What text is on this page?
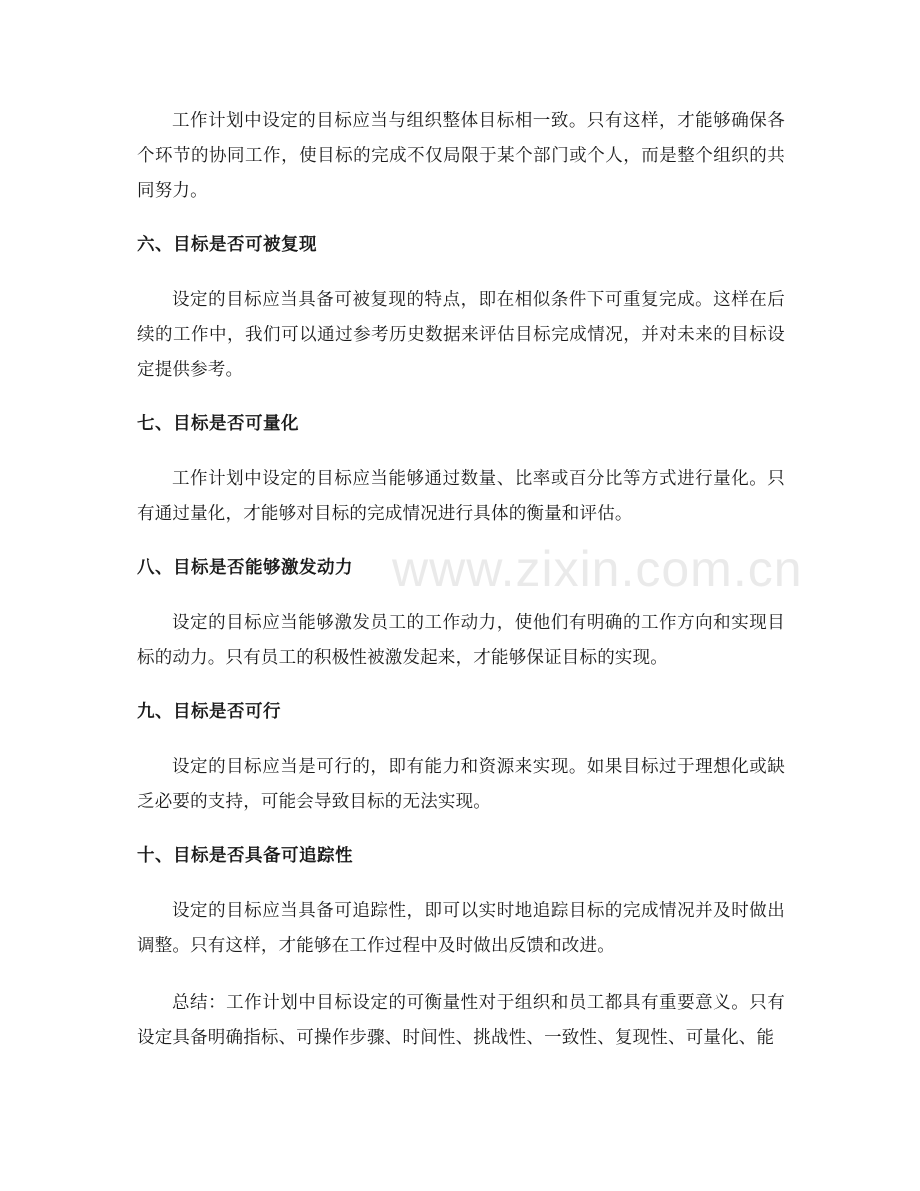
工作计划中设定的目标应当与组织整体目标相一致。只有这样，才能够确保各个环节的协同工作，使目标的完成不仅局限于某个部门或个人，而是整个组织的共同努力。

六、目标是否可被复现

设定的目标应当具备可被复现的特点，即在相似条件下可重复完成。这样在后续的工作中，我们可以通过参考历史数据来评估目标完成情况，并对未来的目标设定提供参考。

七、目标是否可量化

工作计划中设定的目标应当能够通过数量、比率或百分比等方式进行量化。只有通过量化，才能够对目标的完成情况进行具体的衡量和评估。

八、目标是否能够激发动力

设定的目标应当能够激发员工的工作动力，使他们有明确的工作方向和实现目标的动力。只有员工的积极性被激发起来，才能够保证目标的实现。

九、目标是否可行

设定的目标应当是可行的，即有能力和资源来实现。如果目标过于理想化或缺乏必要的支持，可能会导致目标的无法实现。

十、目标是否具备可追踪性

设定的目标应当具备可追踪性，即可以实时地追踪目标的完成情况并及时做出调整。只有这样，才能够在工作过程中及时做出反馈和改进。

总结：工作计划中目标设定的可衡量性对于组织和员工都具有重要意义。只有设定具备明确指标、可操作步骤、时间性、挑战性、一致性、复现性、可量化、能

www.zixin.com.cn
